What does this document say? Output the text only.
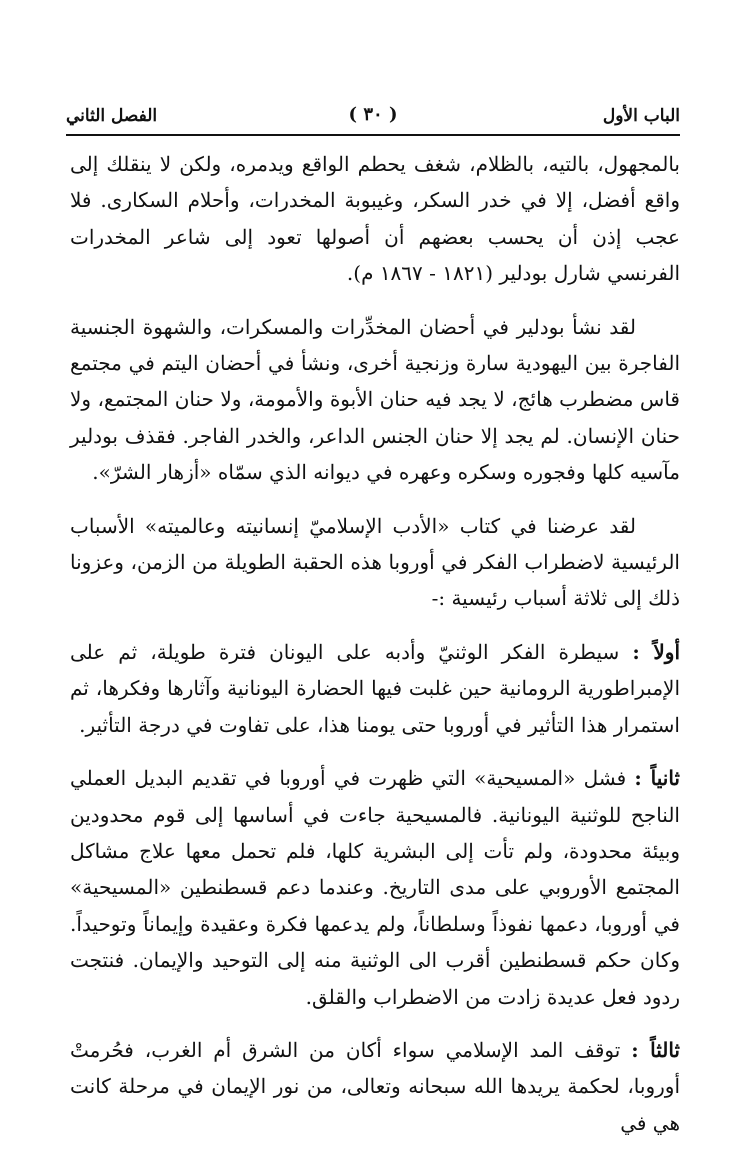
الباب الأول
( ٣٠ )
الفصل الثاني

بالمجهول، بالتيه، بالظلام، شغف يحطم الواقع ويدمره، ولكن لا ينقلك إلى واقع أفضل، إلا في خدر السكر، وغيبوبة المخدرات، وأحلام السكارى. فلا عجب إذن أن يحسب بعضهم أن أصولها تعود إلى شاعر المخدرات الفرنسي شارل بودلير (١٨٢١ - ١٨٦٧ م).

لقد نشأ بودلير في أحضان المخدِّرات والمسكرات، والشهوة الجنسية الفاجرة بين اليهودية سارة وزنجية أخرى، ونشأ في أحضان اليتم في مجتمع قاس مضطرب هائج، لا يجد فيه حنان الأبوة والأمومة، ولا حنان المجتمع، ولا حنان الإنسان. لم يجد إلا حنان الجنس الداعر، والخدر الفاجر. فقذف بودلير مآسيه كلها وفجوره وسكره وعهره في ديوانه الذي سمّاه «أزهار الشرّ».

لقد عرضنا في كتاب «الأدب الإسلاميّ إنسانيته وعالميته» الأسباب الرئيسية لاضطراب الفكر في أوروبا هذه الحقبة الطويلة من الزمن، وعزونا ذلك إلى ثلاثة أسباب رئيسية :-

أولاً : سيطرة الفكر الوثنيّ وأدبه على اليونان فترة طويلة، ثم على الإمبراطورية الرومانية حين غلبت فيها الحضارة اليونانية وآثارها وفكرها، ثم استمرار هذا التأثير في أوروبا حتى يومنا هذا، على تفاوت في درجة التأثير.

ثانياً : فشل «المسيحية» التي ظهرت في أوروبا في تقديم البديل العملي الناجح للوثنية اليونانية. فالمسيحية جاءت في أساسها إلى قوم محدودين وبيئة محدودة، ولم تأت إلى البشرية كلها، فلم تحمل معها علاج مشاكل المجتمع الأوروبي على مدى التاريخ. وعندما دعم قسطنطين «المسيحية» في أوروبا، دعمها نفوذاً وسلطاناً، ولم يدعمها فكرة وعقيدة وإيماناً وتوحيداً. وكان حكم قسطنطين أقرب الى الوثنية منه إلى التوحيد والإيمان. فنتجت ردود فعل عديدة زادت من الاضطراب والقلق.

ثالثاً : توقف المد الإسلامي سواء أكان من الشرق أم الغرب، فحُرمتْ أوروبا، لحكمة يريدها الله سبحانه وتعالى، من نور الإيمان في مرحلة كانت هي في
